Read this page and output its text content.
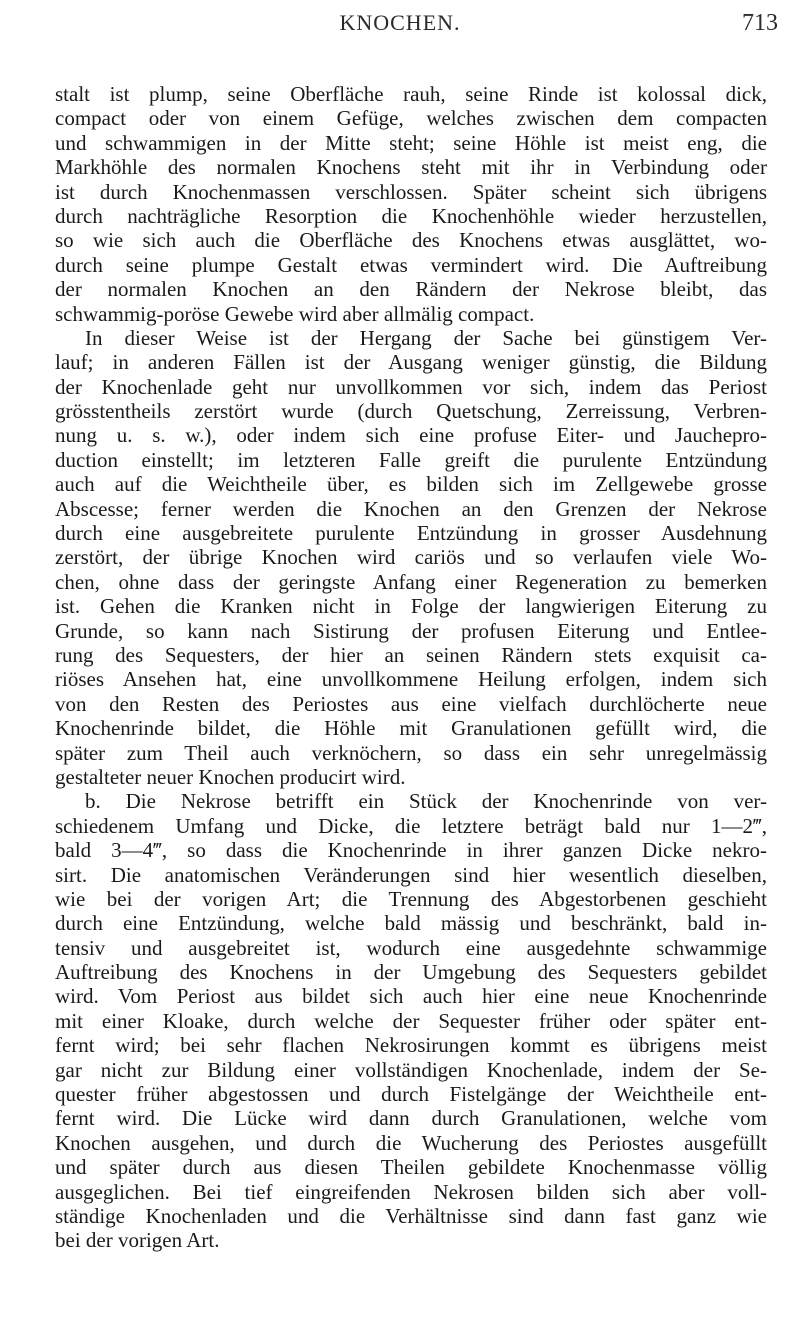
KNOCHEN.	713
stalt ist plump, seine Oberfläche rauh, seine Rinde ist kolossal dick,
compact oder von einem Gefüge, welches zwischen dem compacten
und schwammigen in der Mitte steht; seine Höhle ist meist eng, die
Markhöhle des normalen Knochens steht mit ihr in Verbindung oder
ist durch Knochenmassen verschlossen. Später scheint sich übrigens
durch nachträgliche Resorption die Knochenhöhle wieder herzustellen,
so wie sich auch die Oberfläche des Knochens etwas ausglättet, wo-
durch seine plumpe Gestalt etwas vermindert wird. Die Auftreibung
der normalen Knochen an den Rändern der Nekrose bleibt, das
schwammig-poröse Gewebe wird aber allmälig compact.
In dieser Weise ist der Hergang der Sache bei günstigem Ver-
lauf; in anderen Fällen ist der Ausgang weniger günstig, die Bildung
der Knochenlade geht nur unvollkommen vor sich, indem das Periost
grösstentheils zerstört wurde (durch Quetschung, Zerreissung, Verbren-
nung u. s. w.), oder indem sich eine profuse Eiter- und Jauchepro-
duction einstellt; im letzteren Falle greift die purulente Entzündung
auch auf die Weichtheile über, es bilden sich im Zellgewebe grosse
Abscesse; ferner werden die Knochen an den Grenzen der Nekrose
durch eine ausgebreitete purulente Entzündung in grosser Ausdehnung
zerstört, der übrige Knochen wird cariös und so verlaufen viele Wo-
chen, ohne dass der geringste Anfang einer Regeneration zu bemerken
ist. Gehen die Kranken nicht in Folge der langwierigen Eiterung zu
Grunde, so kann nach Sistirung der profusen Eiterung und Entlee-
rung des Sequesters, der hier an seinen Rändern stets exquisit ca-
riöses Ansehen hat, eine unvollkommene Heilung erfolgen, indem sich
von den Resten des Periostes aus eine vielfach durchlöcherte neue
Knochenrinde bildet, die Höhle mit Granulationen gefüllt wird, die
später zum Theil auch verknöchern, so dass ein sehr unregelmässig
gestalteter neuer Knochen producirt wird.
b. Die Nekrose betrifft ein Stück der Knochenrinde von ver-
schiedenem Umfang und Dicke, die letztere beträgt bald nur 1—2‴,
bald 3—4‴, so dass die Knochenrinde in ihrer ganzen Dicke nekro-
sirt. Die anatomischen Veränderungen sind hier wesentlich dieselben,
wie bei der vorigen Art; die Trennung des Abgestorbenen geschieht
durch eine Entzündung, welche bald mässig und beschränkt, bald in-
tensiv und ausgebreitet ist, wodurch eine ausgedehnte schwammige
Auftreibung des Knochens in der Umgebung des Sequesters gebildet
wird. Vom Periost aus bildet sich auch hier eine neue Knochenrinde
mit einer Kloake, durch welche der Sequester früher oder später ent-
fernt wird; bei sehr flachen Nekrosirungen kommt es übrigens meist
gar nicht zur Bildung einer vollständigen Knochenlade, indem der Se-
quester früher abgestossen und durch Fistelgänge der Weichtheile ent-
fernt wird. Die Lücke wird dann durch Granulationen, welche vom
Knochen ausgehen, und durch die Wucherung des Periostes ausgefüllt
und später durch aus diesen Theilen gebildete Knochenmasse völlig
ausgeglichen. Bei tief eingreifenden Nekrosen bilden sich aber voll-
ständige Knochenladen und die Verhältnisse sind dann fast ganz wie
bei der vorigen Art.
